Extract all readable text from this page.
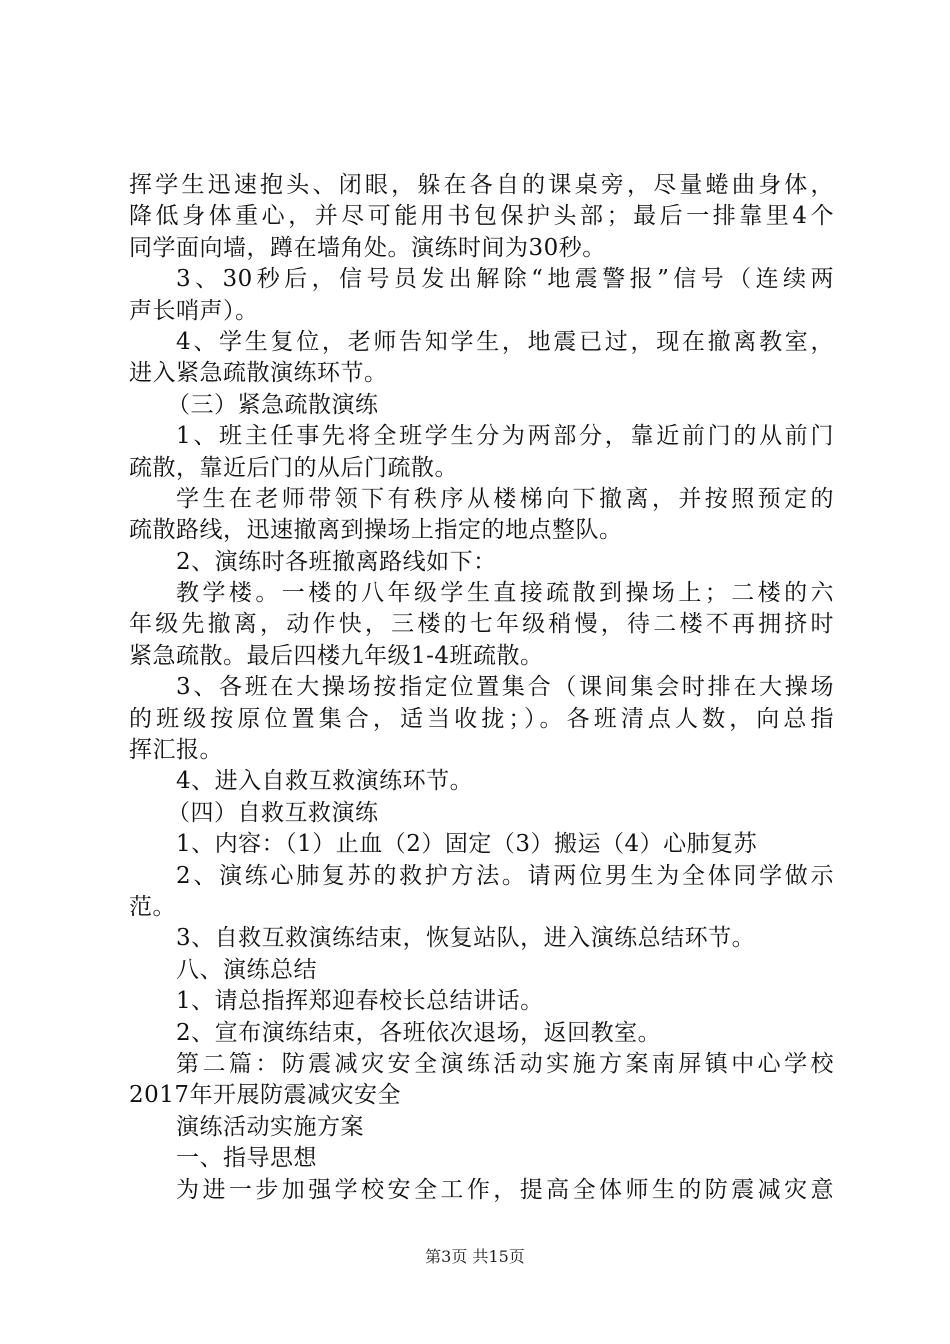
挥学生迅速抱头、闭眼，躲在各自的课桌旁，尽量蜷曲身体，
降低身体重心，并尽可能用书包保护头部；最后一排靠里4个
同学面向墙，蹲在墙角处。演练时间为30秒。
3、30秒后，信号员发出解除“地震警报”信号（连续两
声长哨声）。
4、学生复位，老师告知学生，地震已过，现在撤离教室，
进入紧急疏散演练环节。
（三）紧急疏散演练
1、班主任事先将全班学生分为两部分，靠近前门的从前门
疏散，靠近后门的从后门疏散。
学生在老师带领下有秩序从楼梯向下撤离，并按照预定的
疏散路线，迅速撤离到操场上指定的地点整队。
2、演练时各班撤离路线如下：
教学楼。一楼的八年级学生直接疏散到操场上；二楼的六
年级先撤离，动作快，三楼的七年级稍慢，待二楼不再拥挤时
紧急疏散。最后四楼九年级1-4班疏散。
3、各班在大操场按指定位置集合（课间集会时排在大操场
的班级按原位置集合，适当收拢；）。各班清点人数，向总指
挥汇报。
4、进入自救互救演练环节。
（四）自救互救演练
1、内容：（1）止血（2）固定（3）搬运（4）心肺复苏
2、演练心肺复苏的救护方法。请两位男生为全体同学做示
范。
3、自救互救演练结束，恢复站队，进入演练总结环节。
八、演练总结
1、请总指挥郑迎春校长总结讲话。
2、宣布演练结束，各班依次退场，返回教室。
第二篇：防震减灾安全演练活动实施方案南屏镇中心学校
2017年开展防震减灾安全
演练活动实施方案
一、指导思想
为进一步加强学校安全工作，提高全体师生的防震减灾意
第3页 共15页
